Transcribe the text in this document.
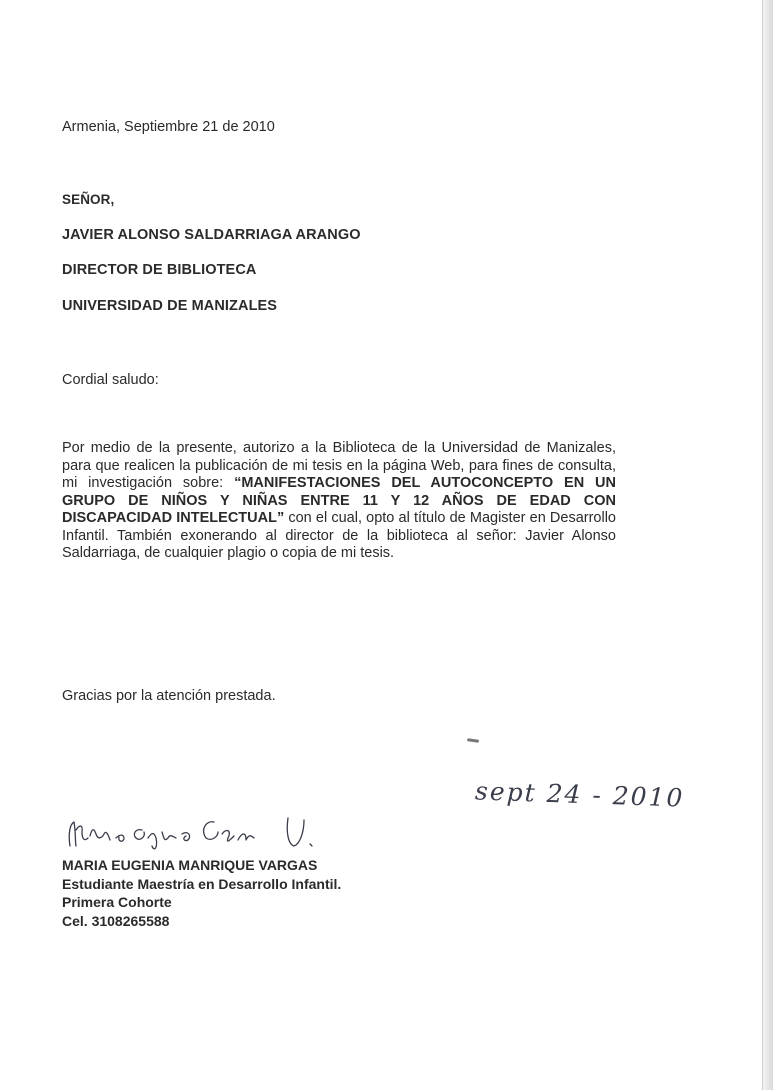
Armenia, Septiembre 21 de 2010

SEÑOR,

JAVIER ALONSO SALDARRIAGA ARANGO

DIRECTOR DE BIBLIOTECA

UNIVERSIDAD DE MANIZALES

Cordial saludo:

Por medio de la presente, autorizo a la Biblioteca de la Universidad de Manizales, para que realicen la publicación de mi tesis en la página Web, para fines de consulta, mi investigación sobre: “MANIFESTACIONES DEL AUTOCONCEPTO EN UN GRUPO DE NIÑOS Y NIÑAS ENTRE 11 Y 12 AÑOS DE EDAD CON DISCAPACIDAD INTELECTUAL” con el cual, opto al título de Magister en Desarrollo Infantil. También exonerando al director de la biblioteca al señor: Javier Alonso Saldarriaga, de cualquier plagio o copia de mi tesis.

Gracias por la atención prestada.

sept 24 - 2010
Maria Eugenia Manrique V.
MARIA EUGENIA MANRIQUE VARGAS
Estudiante Maestría en Desarrollo Infantil.
Primera Cohorte
Cel. 3108265588
